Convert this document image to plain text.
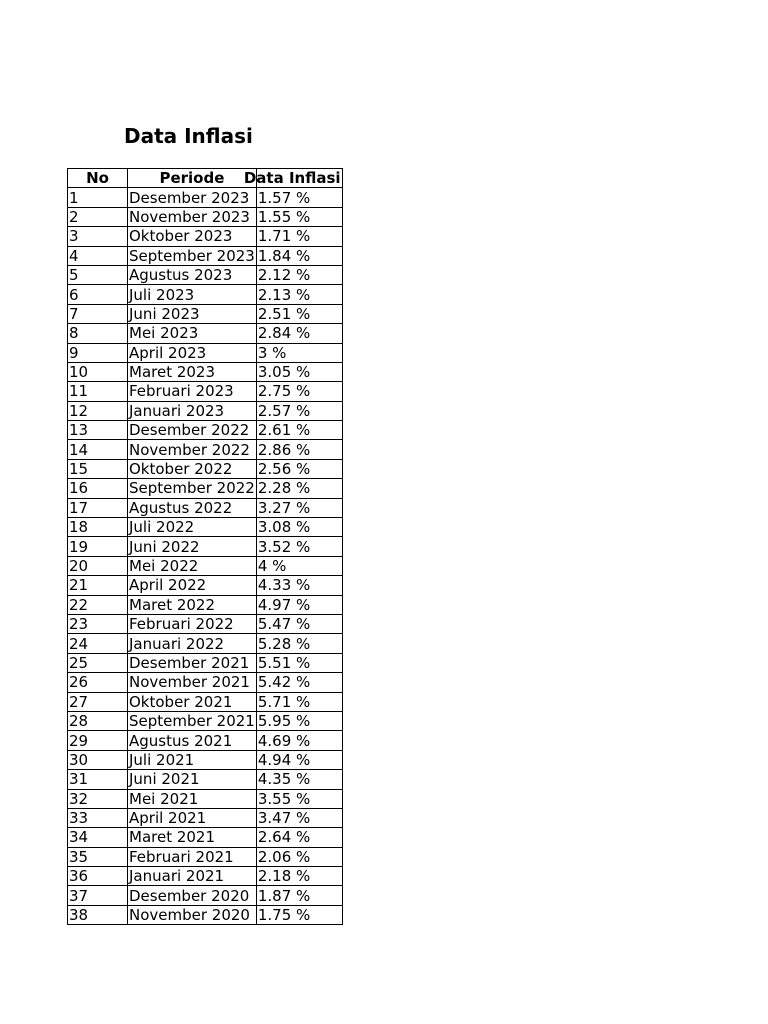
Data Inflasi
No	Periode	Data Inflasi
1	Desember 2023	1.57 %
2	November 2023	1.55 %
3	Oktober 2023	1.71 %
4	September 2023	1.84 %
5	Agustus 2023	2.12 %
6	Juli 2023	2.13 %
7	Juni 2023	2.51 %
8	Mei 2023	2.84 %
9	April 2023	3 %
10	Maret 2023	3.05 %
11	Februari 2023	2.75 %
12	Januari 2023	2.57 %
13	Desember 2022	2.61 %
14	November 2022	2.86 %
15	Oktober 2022	2.56 %
16	September 2022	2.28 %
17	Agustus 2022	3.27 %
18	Juli 2022	3.08 %
19	Juni 2022	3.52 %
20	Mei 2022	4 %
21	April 2022	4.33 %
22	Maret 2022	4.97 %
23	Februari 2022	5.47 %
24	Januari 2022	5.28 %
25	Desember 2021	5.51 %
26	November 2021	5.42 %
27	Oktober 2021	5.71 %
28	September 2021	5.95 %
29	Agustus 2021	4.69 %
30	Juli 2021	4.94 %
31	Juni 2021	4.35 %
32	Mei 2021	3.55 %
33	April 2021	3.47 %
34	Maret 2021	2.64 %
35	Februari 2021	2.06 %
36	Januari 2021	2.18 %
37	Desember 2020	1.87 %
38	November 2020	1.75 %
